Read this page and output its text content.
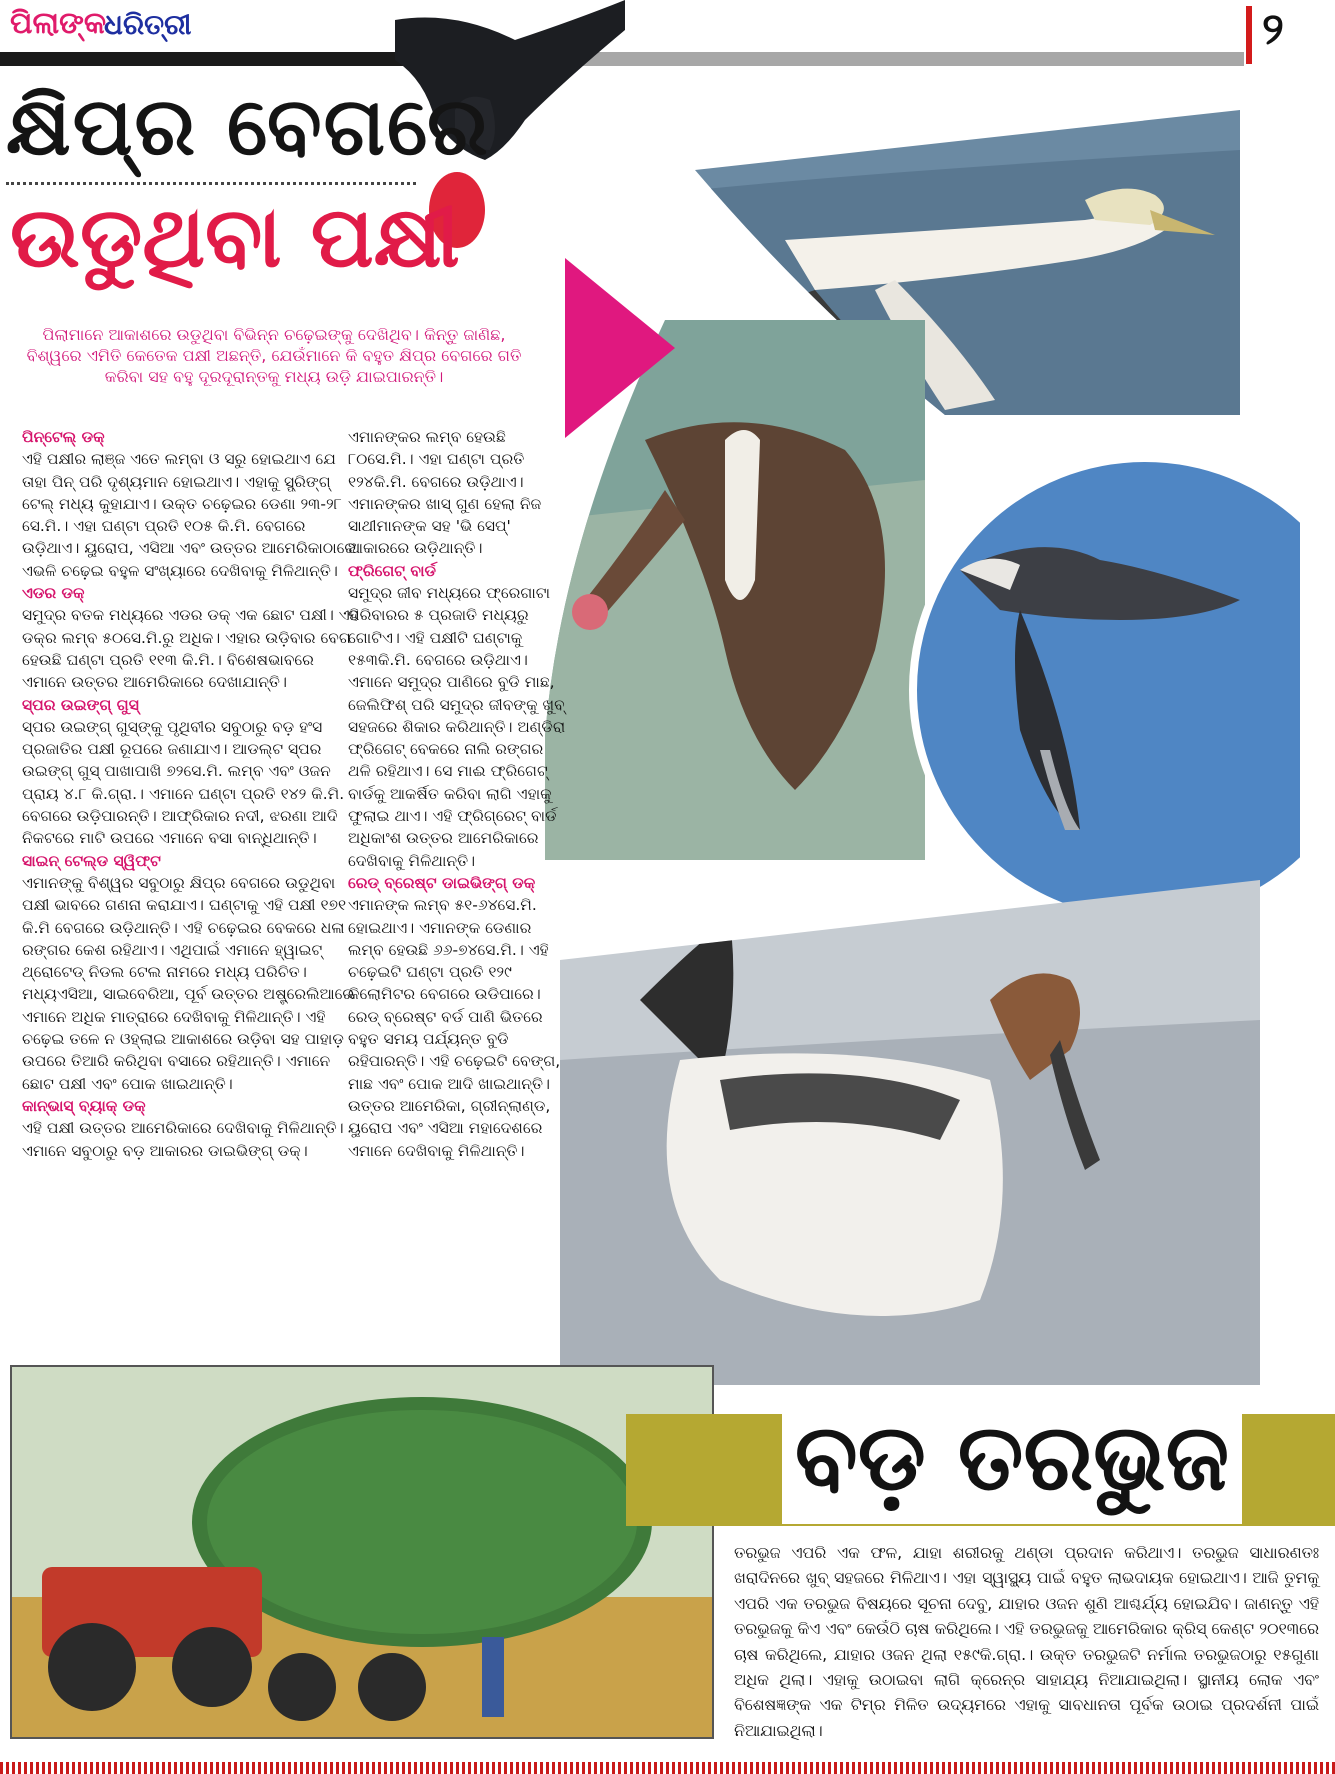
ପିଲାଙ୍କ
ଧରିତ୍ରୀ	୨
କ୍ଷିପ୍ର ବେଗରେ
ଉଡୁଥିବା ପକ୍ଷୀ
ପିଲାମାନେ ଆକାଶରେ ଉଡୁଥିବା ବିଭିନ୍ନ ଚଢ଼େଇଙ୍କୁ ଦେଖିଥିବ। କିନ୍ତୁ ଜାଣିଛ, ବିଶ୍ୱରେ ଏମିତି କେତେକ ପକ୍ଷୀ ଅଛନ୍ତି, ଯେଉଁମାନେ କି ବହୁତ କ୍ଷିପ୍ର ବେଗରେ ଗତି କରିବା ସହ ବହୁ ଦୂରଦୂରାନ୍ତକୁ ମଧ୍ୟ ଉଡ଼ି ଯାଇପାରନ୍ତି।

ପିନ୍‌ଟେଲ୍ ଡକ୍

ଏହି ପକ୍ଷୀର ଲାଞ୍ଜ ଏତେ ଲମ୍ବା ଓ ସରୁ ହୋଇଥାଏ ଯେ ତାହା ପିନ୍ ପରି ଦୃଶ୍ୟମାନ ହୋଇଥାଏ। ଏହାକୁ ସ୍ପ୍ରିଙ୍ଗ୍ ଟେଲ୍ ମଧ୍ୟ କୁହାଯାଏ। ଉକ୍ତ ଚଢ଼େଇର ଡେଣା ୨୩-୨୮ ସେ.ମି.। ଏହା ଘଣ୍ଟା ପ୍ରତି ୧୦୫ କି.ମି. ବେଗରେ ଉଡ଼ିଥାଏ। ୟୁରୋପ, ଏସିଆ ଏବଂ ଉତ୍ତର ଆମେରିକାଠାରେ ଏଭଳି ଚଢ଼େଇ ବହୁଳ ସଂଖ୍ୟାରେ ଦେଖିବାକୁ ମିଳିଥାନ୍ତି।

ଏଡର ଡକ୍

ସମୁଦ୍ର ବତକ ମଧ୍ୟରେ ଏଡର ଡକ୍ ଏକ ଛୋଟ ପକ୍ଷୀ। ଏହି ଡକ୍‌ର ଲମ୍ବ ୫୦ସେ.ମି.ରୁ ଅଧିକ। ଏହାର ଉଡ଼ିବାର ବେଗ ହେଉଛି ଘଣ୍ଟା ପ୍ରତି ୧୧୩ କି.ମି.। ବିଶେଷଭାବରେ ଏମାନେ ଉତ୍ତର ଆମେରିକାରେ ଦେଖାଯାନ୍ତି।

ସ୍ପର ଉଇଙ୍ଗ୍ ଗୁସ୍

ସ୍ପର ଉଇଙ୍ଗ୍ ଗୁସ୍‌ଙ୍କୁ ପୃଥିବୀର ସବୁଠାରୁ ବଡ଼ ହଂସ ପ୍ରଜାତିର ପକ୍ଷୀ ରୂପରେ ଜଣାଯାଏ। ଆଡଲ୍ଟ ସ୍ପର ଉଇଙ୍ଗ୍ ଗୁସ୍ ପାଖାପାଖି ୭୨ସେ.ମି. ଲମ୍ବ ଏବଂ ଓଜନ ପ୍ରାୟ ୪.୮ କି.ଗ୍ରା.। ଏମାନେ ଘଣ୍ଟା ପ୍ରତି ୧୪୨ କି.ମି. ବେଗରେ ଉଡ଼ିପାରନ୍ତି। ଆଫ୍ରିକାର ନଦୀ, ଝରଣା ଆଦି ନିକଟରେ ମାଟି ଉପରେ ଏମାନେ ବସା ବାନ୍ଧିଥାନ୍ତି।

ସାଇନ୍ ଟେଲ୍ଡ ସ୍ୱିଫ୍ଟ

ଏମାନଙ୍କୁ ବିଶ୍ୱର ସବୁଠାରୁ କ୍ଷିପ୍ର ବେଗରେ ଉଡୁଥିବା ପକ୍ଷୀ ଭାବରେ ଗଣନା କରାଯାଏ। ଘଣ୍ଟାକୁ ଏହି ପକ୍ଷୀ ୧୭୧ କି.ମି ବେଗରେ ଉଡ଼ିଥାନ୍ତି। ଏହି ଚଢ଼େଇର ବେକରେ ଧଳା ରଙ୍ଗର କେଶ ରହିଥାଏ। ଏଥିପାଇଁ ଏମାନେ ହ୍ୱାଇଟ୍ ଥ୍ରୋଟେଡ୍ ନିଡଲ ଟେଲ ନାମରେ ମଧ୍ୟ ପରିଚିତ। ମଧ୍ୟଏସିଆ, ସାଇବେରିଆ, ପୂର୍ବ ଉତ୍ତର ଅଷ୍ଟ୍ରେଲିଆରେ ଏମାନେ ଅଧିକ ମାତ୍ରାରେ ଦେଖିବାକୁ ମିଳିଥାନ୍ତି। ଏହି ଚଢ଼େଇ ତଳେ ନ ଓହ୍ଲାଇ ଆକାଶରେ ଉଡ଼ିବା ସହ ପାହାଡ଼ ଉପରେ ତିଆରି କରିଥିବା ବସାରେ ରହିଥାନ୍ତି। ଏମାନେ ଛୋଟ ପକ୍ଷୀ ଏବଂ ପୋକ ଖାଇଥାନ୍ତି।

କାନ୍‌ଭାସ୍ ବ୍ୟାକ୍ ଡକ୍

ଏହି ପକ୍ଷୀ ଉତ୍ତର ଆମେରିକାରେ ଦେଖିବାକୁ ମିଳିଥାନ୍ତି। ଏମାନେ ସବୁଠାରୁ ବଡ଼ ଆକାରର ଡାଇଭିଙ୍ଗ୍ ଡକ୍।

ଏମାନଙ୍କର ଲମ୍ବ ହେଉଛି ୮୦ସେ.ମି.। ଏହା ଘଣ୍ଟା ପ୍ରତି ୧୨୪କି.ମି. ବେଗରେ ଉଡ଼ିଥାଏ। ଏମାନଙ୍କର ଖାସ୍ ଗୁଣ ହେଲା ନିଜ ସାଥୀମାନଙ୍କ ସହ 'ଭି ସେପ୍' ଆକାରରେ ଉଡ଼ିଥାନ୍ତି।

ଫ୍ରିଗେଟ୍ ବାର୍ଡ

ସମୁଦ୍ର ଜୀବ ମଧ୍ୟରେ ଫ୍ରେଗାଟା ପରିବାରର ୫ ପ୍ରଜାତି ମଧ୍ୟରୁ ଗୋଟିଏ। ଏହି ପକ୍ଷୀଟି ଘଣ୍ଟାକୁ ୧୫୩କି.ମି. ବେଗରେ ଉଡ଼ିଥାଏ। ଏମାନେ ସମୁଦ୍ର ପାଣିରେ ବୁଡି ମାଛ, ଜେଲିଫିଶ୍ ପରି ସମୁଦ୍ର ଜୀବଙ୍କୁ ଖୁବ୍ ସହଜରେ ଶିକାର କରିଥାନ୍ତି। ଅଣ୍ଡିରା ଫ୍ରିଗେଟ୍ ବେକରେ ନାଲି ରଙ୍ଗର ଥଳି ରହିଥାଏ। ସେ ମାଈ ଫ୍ରିଗେଟ୍ ବାର୍ଡକୁ ଆକର୍ଷିତ କରିବା ଲାଗି ଏହାକୁ ଫୁଲାଇ ଥାଏ। ଏହି ଫ୍ରିଗ୍ରେଟ୍ ବାର୍ଡ ଅଧିକାଂଶ ଉତ୍ତର ଆମେରିକାରେ ଦେଖିବାକୁ ମିଳିଥାନ୍ତି।

ରେଡ୍ ବ୍ରେଷ୍ଟ ଡାଇଭିଙ୍ଗ୍ ଡକ୍

ଏମାନଙ୍କ ଲମ୍ବ ୫୧-୬୪ସେ.ମି. ହୋଇଥାଏ। ଏମାନଙ୍କ ଡେଣାର ଲମ୍ବ ହେଉଛି ୬୬-୭୪ସେ.ମି.। ଏହି ଚଢ଼େଇଟି ଘଣ୍ଟା ପ୍ରତି ୧୨୯ କିଲୋମିଟର ବେଗରେ ଉଡିପାରେ। ରେଡ୍ ବ୍ରେଷ୍ଟ ବର୍ଡ ପାଣି ଭିତରେ ବହୁତ ସମୟ ପର୍ଯ୍ୟନ୍ତ ବୁଡି ରହିପାରନ୍ତି। ଏହି ଚଢ଼େଇଟି ବେଙ୍ଗ, ମାଛ ଏବଂ ପୋକ ଆଦି ଖାଇଥାନ୍ତି। ଉତ୍ତର ଆମେରିକା, ଗ୍ରୀନ୍‌ଲାଣ୍ଡ, ୟୁରୋପ ଏବଂ ଏସିଆ ମହାଦେଶରେ ଏମାନେ ଦେଖିବାକୁ ମିଳିଥାନ୍ତି।

ବଡ଼ ତରଭୁଜ
ତରଭୁଜ ଏପରି ଏକ ଫଳ, ଯାହା ଶରୀରକୁ ଥଣ୍ଡା ପ୍ରଦାନ କରିଥାଏ। ତରଭୁଜ ସାଧାରଣତଃ ଖରାଦିନରେ ଖୁବ୍ ସହଜରେ ମିଳିଥାଏ। ଏହା ସ୍ୱାସ୍ଥ୍ୟ ପାଇଁ ବହୁତ ଲାଭଦାୟକ ହୋଇଥାଏ। ଆଜି ତୁମକୁ ଏପରି ଏକ ତରଭୁଜ ବିଷୟରେ ସୂଚନା ଦେବୁ, ଯାହାର ଓଜନ ଶୁଣି ଆଶ୍ଚର୍ଯ୍ୟ ହୋଇଯିବ। ଜାଣନ୍ତୁ ଏହି ତରଭୁଜକୁ କିଏ ଏବଂ କେଉଁଠି ଚାଷ କରିଥିଲେ। ଏହି ତରଭୁଜକୁ ଆମେରିକାର କ୍ରିସ୍ କେଣ୍ଟ ୨୦୧୩ରେ ଚାଷ କରିଥିଲେ, ଯାହାର ଓଜନ ଥିଲା ୧୫୯କି.ଗ୍ରା.। ଉକ୍ତ ତରଭୁଜଟି ନର୍ମାଲ ତରଭୁଜଠାରୁ ୧୫ଗୁଣା ଅଧିକ ଥିଲା। ଏହାକୁ ଉଠାଇବା ଲାଗି କ୍ରେନ୍‌ର ସାହାଯ୍ୟ ନିଆଯାଇଥିଲା। ସ୍ଥାନୀୟ ଲୋକ ଏବଂ ବିଶେଷଜ୍ଞଙ୍କ ଏକ ଟିମ୍‌ର ମିଳିତ ଉଦ୍ୟମରେ ଏହାକୁ ସାବଧାନତା ପୂର୍ବକ ଉଠାଇ ପ୍ରଦର୍ଶନୀ ପାଇଁ ନିଆଯାଇଥିଲା।
